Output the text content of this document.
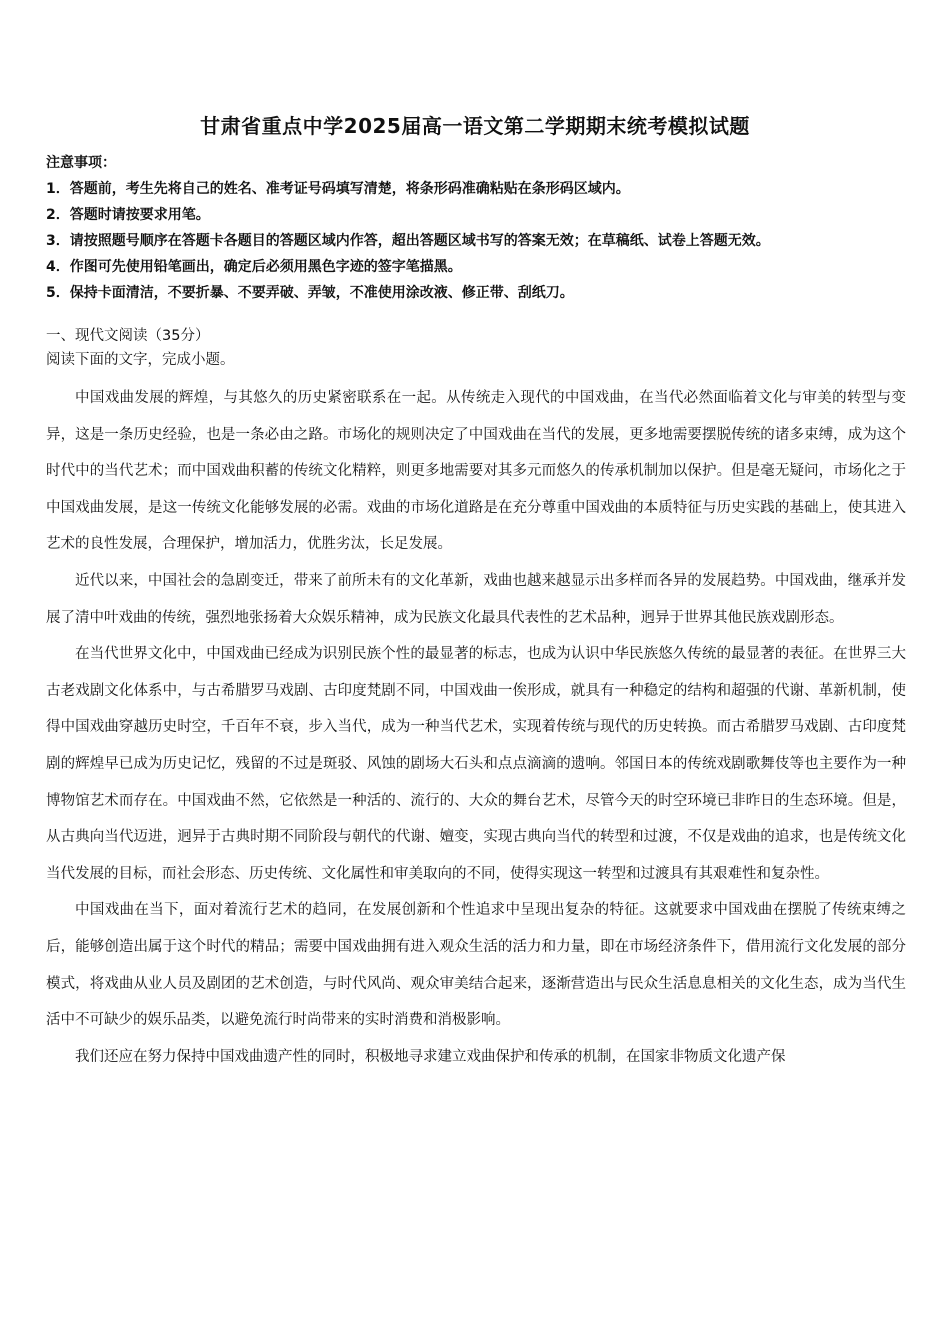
甘肃省重点中学2025届高一语文第二学期期末统考模拟试题
注意事项：
1．答题前，考生先将自己的姓名、准考证号码填写清楚，将条形码准确粘贴在条形码区域内。
2．答题时请按要求用笔。
3．请按照题号顺序在答题卡各题目的答题区域内作答，超出答题区域书写的答案无效；在草稿纸、试卷上答题无效。
4．作图可先使用铅笔画出，确定后必须用黑色字迹的签字笔描黑。
5．保持卡面清洁，不要折暴、不要弄破、弄皱，不准使用涂改液、修正带、刮纸刀。
一、现代文阅读（35分）
阅读下面的文字，完成小题。

中国戏曲发展的辉煌，与其悠久的历史紧密联系在一起。从传统走入现代的中国戏曲，在当代必然面临着文化与审美的转型与变异，这是一条历史经验，也是一条必由之路。市场化的规则决定了中国戏曲在当代的发展，更多地需要摆脱传统的诸多束缚，成为这个时代中的当代艺术；而中国戏曲积蓄的传统文化精粹，则更多地需要对其多元而悠久的传承机制加以保护。但是毫无疑问，市场化之于中国戏曲发展，是这一传统文化能够发展的必需。戏曲的市场化道路是在充分尊重中国戏曲的本质特征与历史实践的基础上，使其进入艺术的良性发展，合理保护，增加活力，优胜劣汰，长足发展。

近代以来，中国社会的急剧变迁，带来了前所未有的文化革新，戏曲也越来越显示出多样而各异的发展趋势。中国戏曲，继承并发展了清中叶戏曲的传统，强烈地张扬着大众娱乐精神，成为民族文化最具代表性的艺术品种，迥异于世界其他民族戏剧形态。

在当代世界文化中，中国戏曲已经成为识别民族个性的最显著的标志，也成为认识中华民族悠久传统的最显著的表征。在世界三大古老戏剧文化体系中，与古希腊罗马戏剧、古印度梵剧不同，中国戏曲一俟形成，就具有一种稳定的结构和超强的代谢、革新机制，使得中国戏曲穿越历史时空，千百年不衰，步入当代，成为一种当代艺术，实现着传统与现代的历史转换。而古希腊罗马戏剧、古印度梵剧的辉煌早已成为历史记忆，残留的不过是斑驳、风蚀的剧场大石头和点点滴滴的遗响。邻国日本的传统戏剧歌舞伎等也主要作为一种博物馆艺术而存在。中国戏曲不然，它依然是一种活的、流行的、大众的舞台艺术，尽管今天的时空环境已非昨日的生态环境。但是，从古典向当代迈进，迥异于古典时期不同阶段与朝代的代谢、嬗变，实现古典向当代的转型和过渡，不仅是戏曲的追求，也是传统文化当代发展的目标，而社会形态、历史传统、文化属性和审美取向的不同，使得实现这一转型和过渡具有其艰难性和复杂性。

中国戏曲在当下，面对着流行艺术的趋同，在发展创新和个性追求中呈现出复杂的特征。这就要求中国戏曲在摆脱了传统束缚之后，能够创造出属于这个时代的精品；需要中国戏曲拥有进入观众生活的活力和力量，即在市场经济条件下，借用流行文化发展的部分模式，将戏曲从业人员及剧团的艺术创造，与时代风尚、观众审美结合起来，逐渐营造出与民众生活息息相关的文化生态，成为当代生活中不可缺少的娱乐品类，以避免流行时尚带来的实时消费和消极影响。

我们还应在努力保持中国戏曲遗产性的同时，积极地寻求建立戏曲保护和传承的机制，在国家非物质文化遗产保
